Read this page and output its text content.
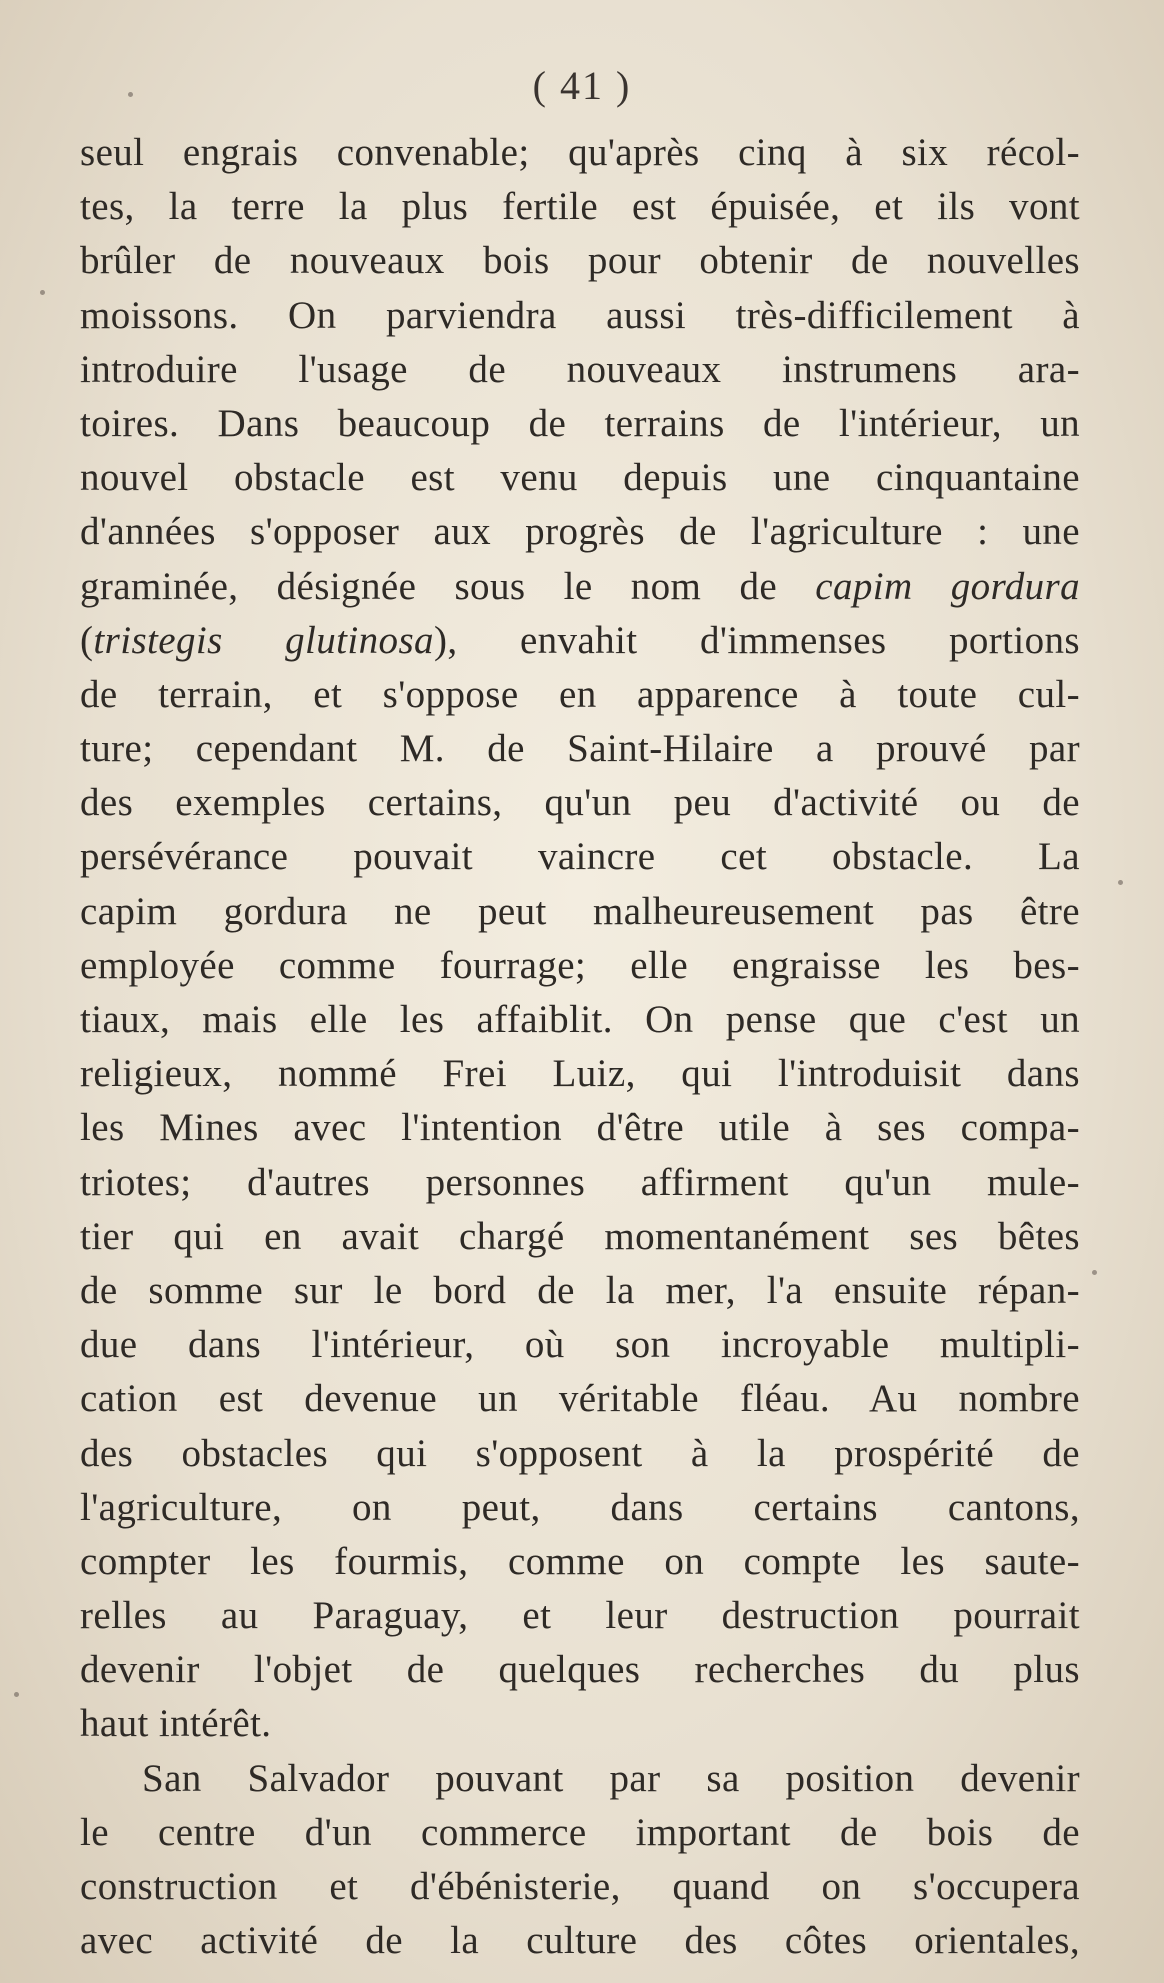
( 41 )
seul engrais convenable; qu'après cinq à six récol-
tes, la terre la plus fertile est épuisée, et ils vont
brûler de nouveaux bois pour obtenir de nouvelles
moissons. On parviendra aussi très-difficilement à
introduire l'usage de nouveaux instrumens ara-
toires. Dans beaucoup de terrains de l'intérieur, un
nouvel obstacle est venu depuis une cinquantaine
d'années s'opposer aux progrès de l'agriculture : une
graminée, désignée sous le nom de capim gordura
(tristegis glutinosa), envahit d'immenses portions
de terrain, et s'oppose en apparence à toute cul-
ture; cependant M. de Saint-Hilaire a prouvé par
des exemples certains, qu'un peu d'activité ou de
persévérance pouvait vaincre cet obstacle. La
capim gordura ne peut malheureusement pas être
employée comme fourrage; elle engraisse les bes-
tiaux, mais elle les affaiblit. On pense que c'est un
religieux, nommé Frei Luiz, qui l'introduisit dans
les Mines avec l'intention d'être utile à ses compa-
triotes; d'autres personnes affirment qu'un mule-
tier qui en avait chargé momentanément ses bêtes
de somme sur le bord de la mer, l'a ensuite répan-
due dans l'intérieur, où son incroyable multipli-
cation est devenue un véritable fléau. Au nombre
des obstacles qui s'opposent à la prospérité de
l'agriculture, on peut, dans certains cantons,
compter les fourmis, comme on compte les saute-
relles au Paraguay, et leur destruction pourrait
devenir l'objet de quelques recherches du plus
haut intérêt.
San Salvador pouvant par sa position devenir
le centre d'un commerce important de bois de
construction et d'ébénisterie, quand on s'occupera
avec activité de la culture des côtes orientales,
